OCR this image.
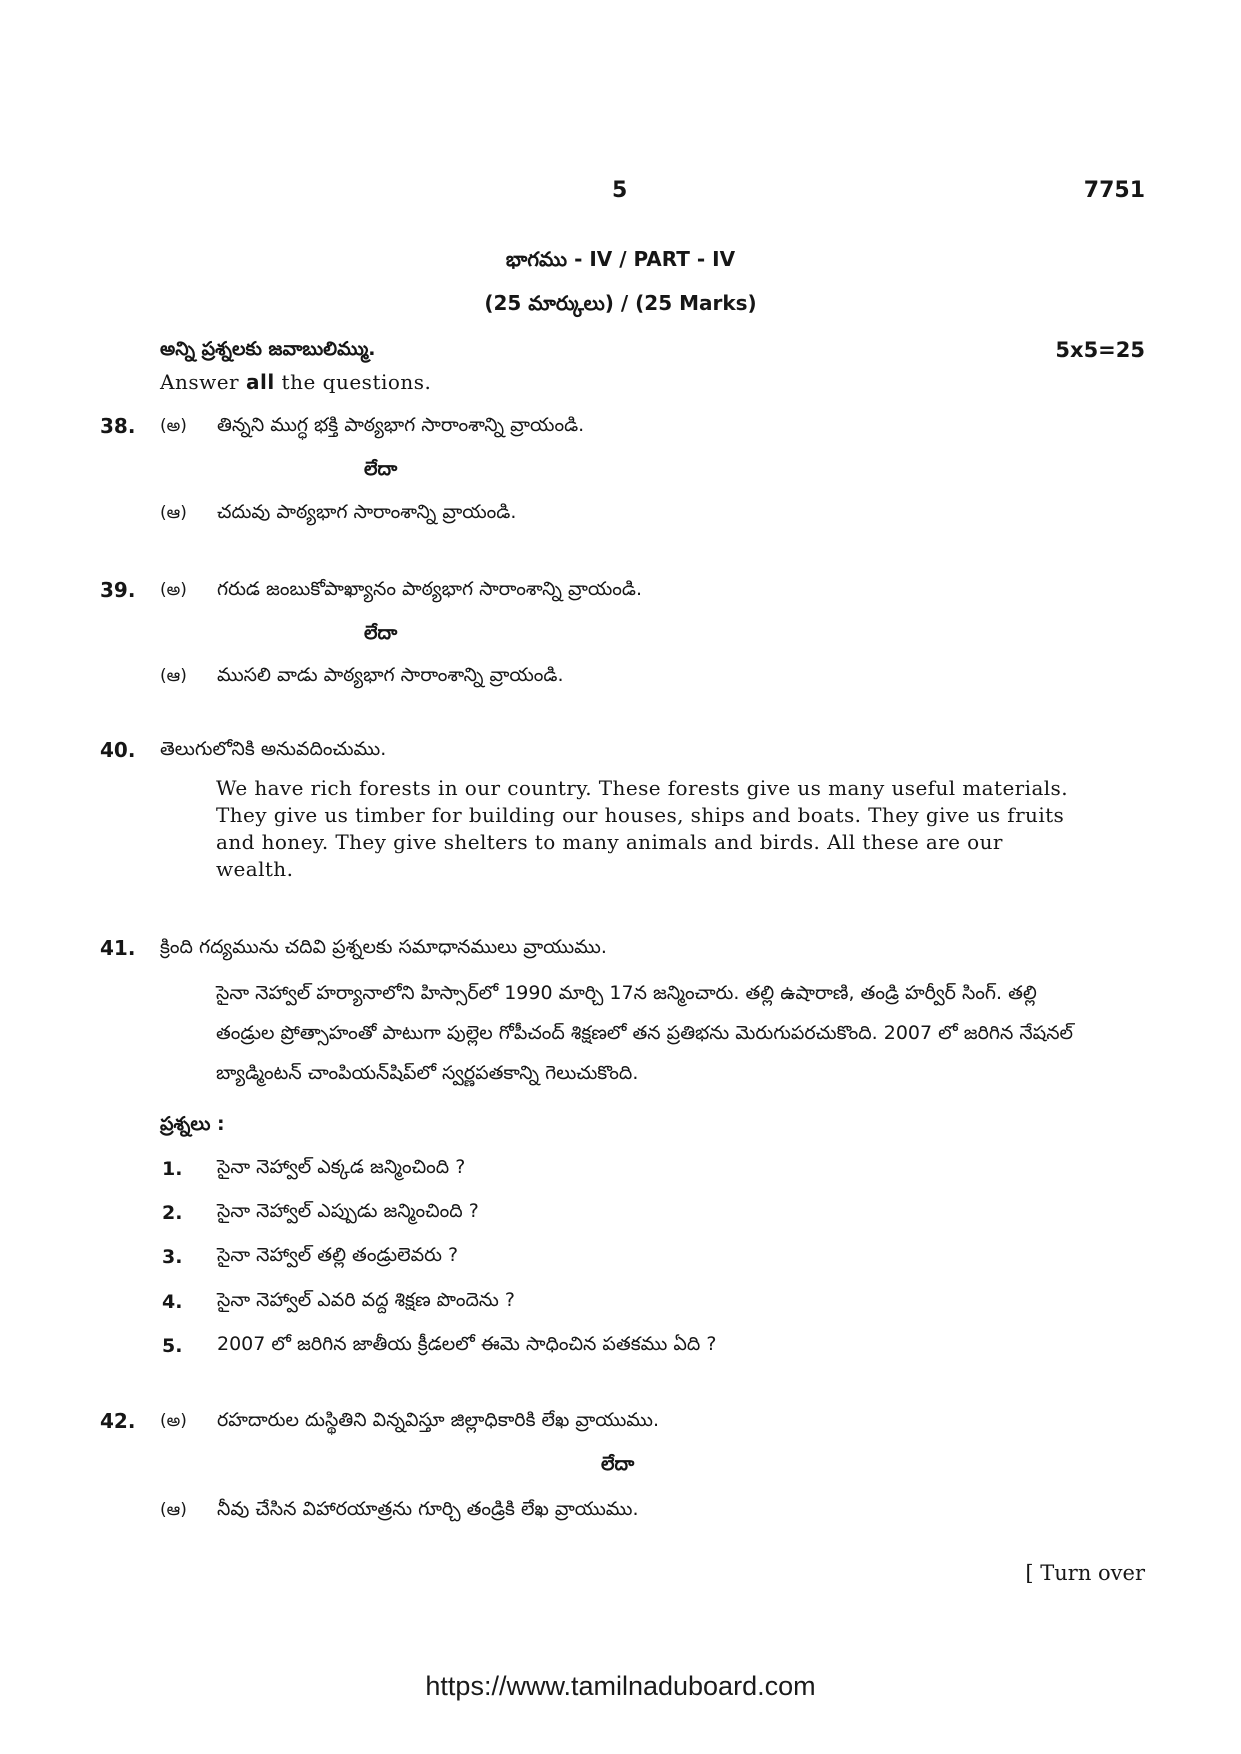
5	7751
భాగము - IV / PART - IV
(25 మార్కులు) / (25 Marks)
అన్ని ప్రశ్నలకు జవాబులిమ్ము.	5x5=25
Answer all the questions.
38. (అ) తిన్నని ముగ్ధ భక్తి పాఠ్యభాగ సారాంశాన్ని వ్రాయండి.
లేదా
(ఆ) చదువు పాఠ్యభాగ సారాంశాన్ని వ్రాయండి.
39. (అ) గరుడ జంబుకోపాఖ్యానం పాఠ్యభాగ సారాంశాన్ని వ్రాయండి.
లేదా
(ఆ) ముసలి వాడు పాఠ్యభాగ సారాంశాన్ని వ్రాయండి.
40. తెలుగులోనికి అనువదించుము.
We have rich forests in our country. These forests give us many useful materials. They give us timber for building our houses, ships and boats. They give us fruits and honey. They give shelters to many animals and birds. All these are our wealth.
41. క్రింది గద్యమును చదివి ప్రశ్నలకు సమాధానములు వ్రాయుము.
సైనా నెహ్వాల్ హర్యానాలోని హిస్సార్‌లో 1990 మార్చి 17న జన్మించారు. తల్లి ఉషారాణి, తండ్రి హర్వీర్ సింగ్. తల్లి తండ్రుల ప్రోత్సాహంతో పాటుగా పుల్లెల గోపీచంద్ శిక్షణలో తన ప్రతిభను మెరుగుపరచుకొంది. 2007 లో జరిగిన నేషనల్ బ్యాడ్మింటన్ చాంపియన్‌షిప్‌లో స్వర్ణపతకాన్ని గెలుచుకొంది.
ప్రశ్నలు :
1. సైనా నెహ్వాల్ ఎక్కడ జన్మించింది ?
2. సైనా నెహ్వాల్ ఎప్పుడు జన్మించింది ?
3. సైనా నెహ్వాల్ తల్లి తండ్రులెవరు ?
4. సైనా నెహ్వాల్ ఎవరి వద్ద శిక్షణ పొందెను ?
5. 2007 లో జరిగిన జాతీయ క్రీడలలో ఈమె సాధించిన పతకము ఏది ?
42. (అ) రహదారుల దుస్థితిని విన్నవిస్తూ జిల్లాధికారికి లేఖ వ్రాయుము.
లేదా
(ఆ) నీవు చేసిన విహారయాత్రను గూర్చి తండ్రికి లేఖ వ్రాయుము.
[ Turn over
https://www.tamilnaduboard.com
